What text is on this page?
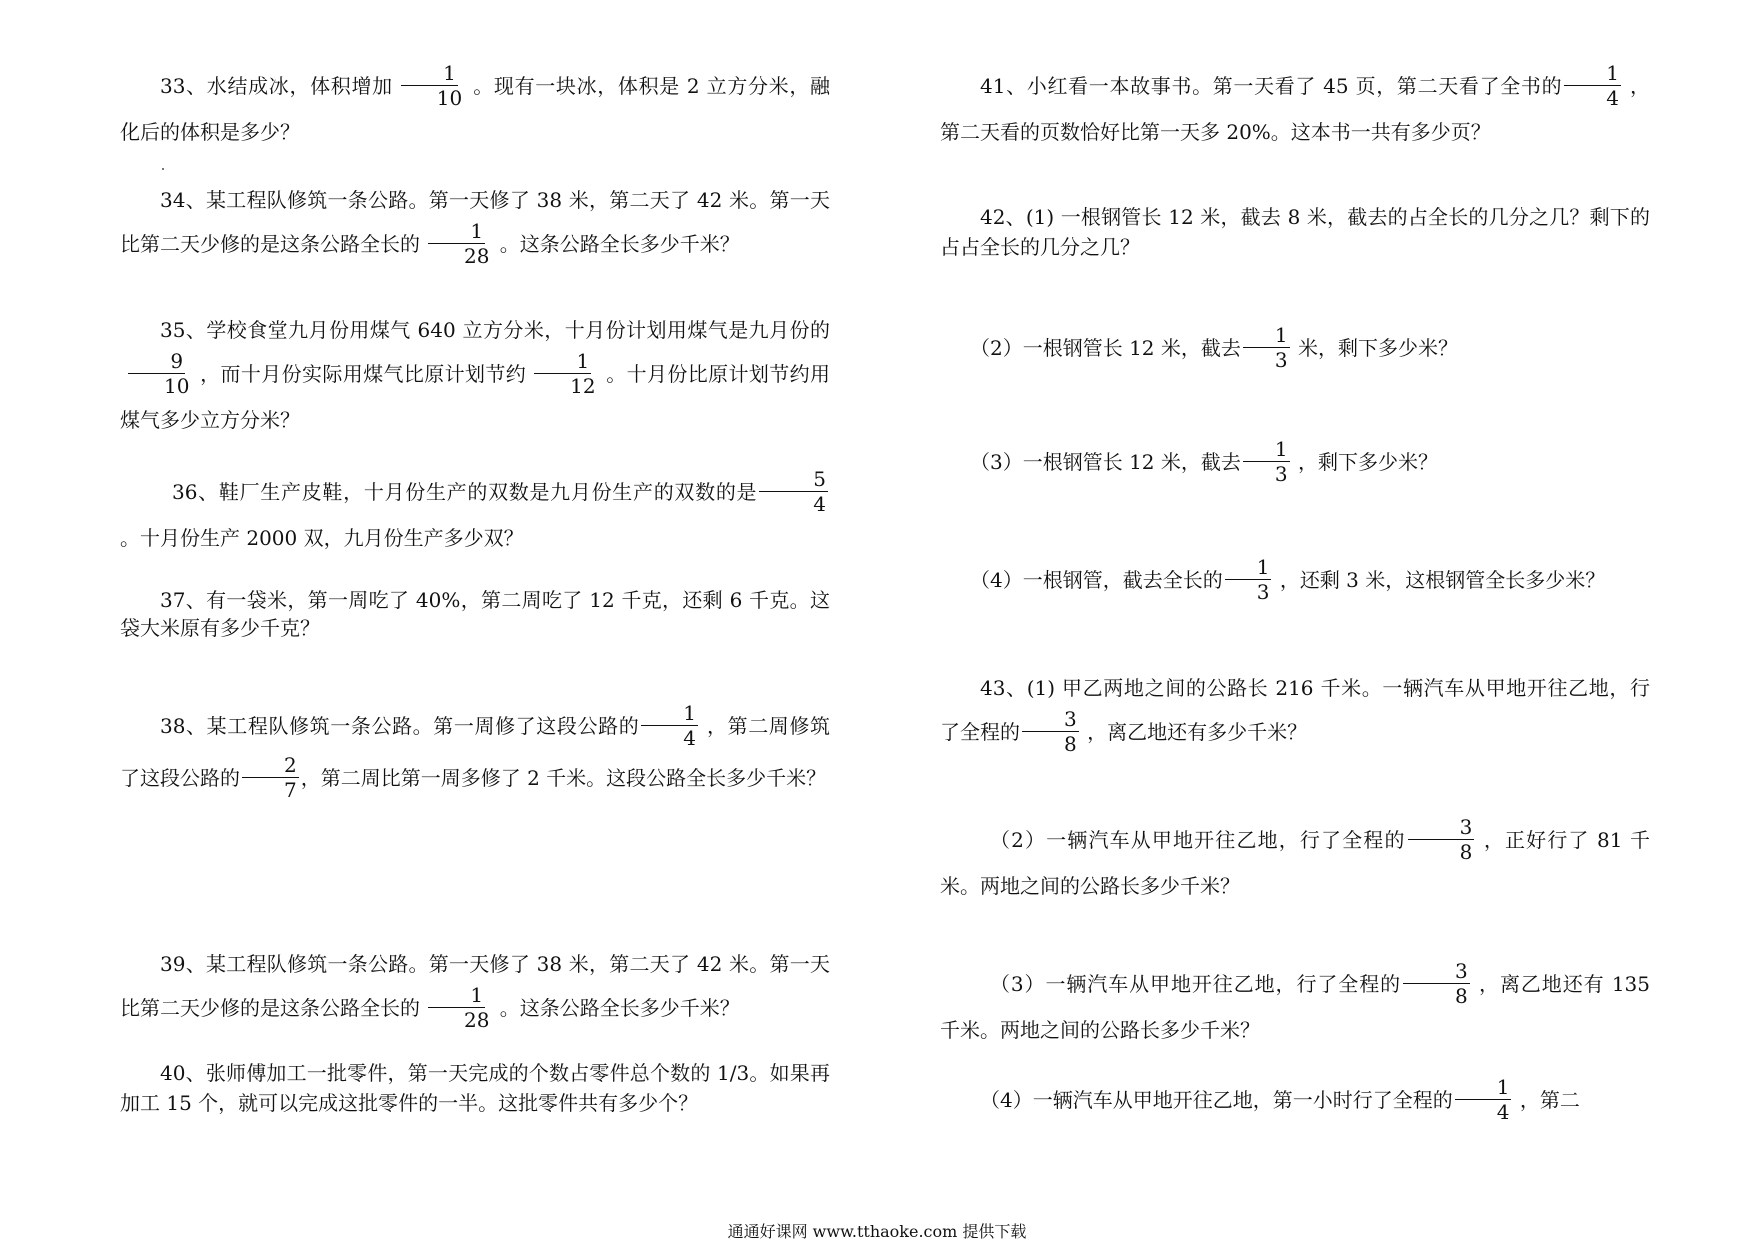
33、水结成冰，体积增加 $\frac{1}{10}$ 。现有一块冰，体积是 2 立方分米，融化后的体积是多少？

34、某工程队修筑一条公路。第一天修了 38 米，第二天了 42 米。第一天比第二天少修的是这条公路全长的 $\frac{1}{28}$ 。这条公路全长多少千米？

35、学校食堂九月份用煤气 640 立方分米，十月份计划用煤气是九月份的
$\frac{9}{10}$ ，而十月份实际用煤气比原计划节约 $\frac{1}{12}$ 。十月份比原计划节约用煤气多少立方分米？

36、鞋厂生产皮鞋，十月份生产的双数是九月份生产的双数的是 $\frac{5}{4}$
。十月份生产 2000 双，九月份生产多少双？

37、有一袋米，第一周吃了 40%，第二周吃了 12 千克，还剩 6 千克。这袋大米原有多少千克？

38、某工程队修筑一条公路。第一周修了这段公路的 $\frac{1}{4}$ ，第二周修筑了这段公路的 $\frac{2}{7}$ ，第二周比第一周多修了 2 千米。这段公路全长多少千米？

39、某工程队修筑一条公路。第一天修了 38 米，第二天了 42 米。第一天比第二天少修的是这条公路全长的 $\frac{1}{28}$ 。这条公路全长多少千米？

40、张师傅加工一批零件，第一天完成的个数占零件总个数的 1/3。如果再加工 15 个，就可以完成这批零件的一半。这批零件共有多少个？

41、小红看一本故事书。第一天看了 45 页，第二天看了全书的 $\frac{1}{4}$ ，第二天看的页数恰好比第一天多 20%。这本书一共有多少页？

42、(1) 一根钢管长 12 米，截去 8 米，截去的占全长的几分之几？剩下的占占全长的几分之几？

（2）一根钢管长 12 米，截去 $\frac{1}{3}$ 米，剩下多少米？

（3）一根钢管长 12 米，截去 $\frac{1}{3}$ ，剩下多少米？

（4）一根钢管，截去全长的 $\frac{1}{3}$ ，还剩 3 米，这根钢管全长多少米？

43、(1) 甲乙两地之间的公路长 216 千米。一辆汽车从甲地开往乙地，行了全程的 $\frac{3}{8}$ ，离乙地还有多少千米？

（2）一辆汽车从甲地开往乙地，行了全程的 $\frac{3}{8}$ ，正好行了 81 千米。两地之间的公路长多少千米？

（3）一辆汽车从甲地开往乙地，行了全程的 $\frac{3}{8}$ ，离乙地还有 135 千米。两地之间的公路长多少千米？

（4）一辆汽车从甲地开往乙地，第一小时行了全程的 $\frac{1}{4}$ ，第二

通通好课网 www.tthaoke.com 提供下载
